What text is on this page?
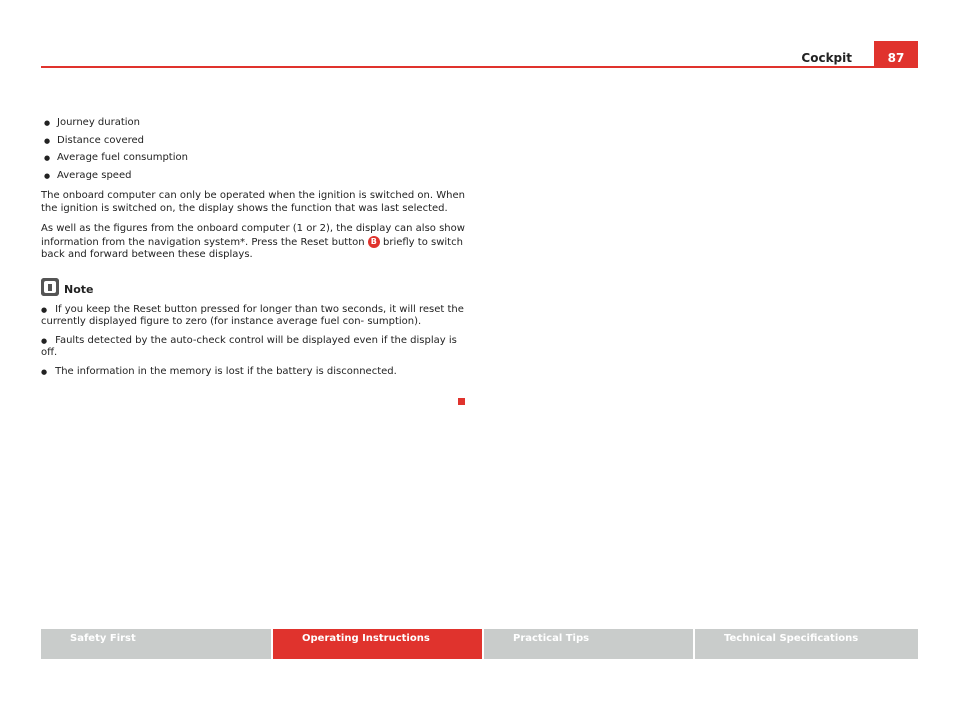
87
Cockpit
● Journey duration
● Distance covered
● Average fuel consumption
● Average speed

The onboard computer can only be operated when the ignition is switched on. When the ignition is switched on, the display shows the function that was last selected.

As well as the figures from the onboard computer (1 or 2), the display can also show information from the navigation system*. Press the Reset button B briefly to switch back and forward between these displays.

Note
● If you keep the Reset button pressed for longer than two seconds, it will reset the currently displayed figure to zero (for instance average fuel con- sumption).
● Faults detected by the auto-check control will be displayed even if the display is off.
● The information in the memory is lost if the battery is disconnected.
Safety First	Operating Instructions	Practical Tips	Technical Specifications
